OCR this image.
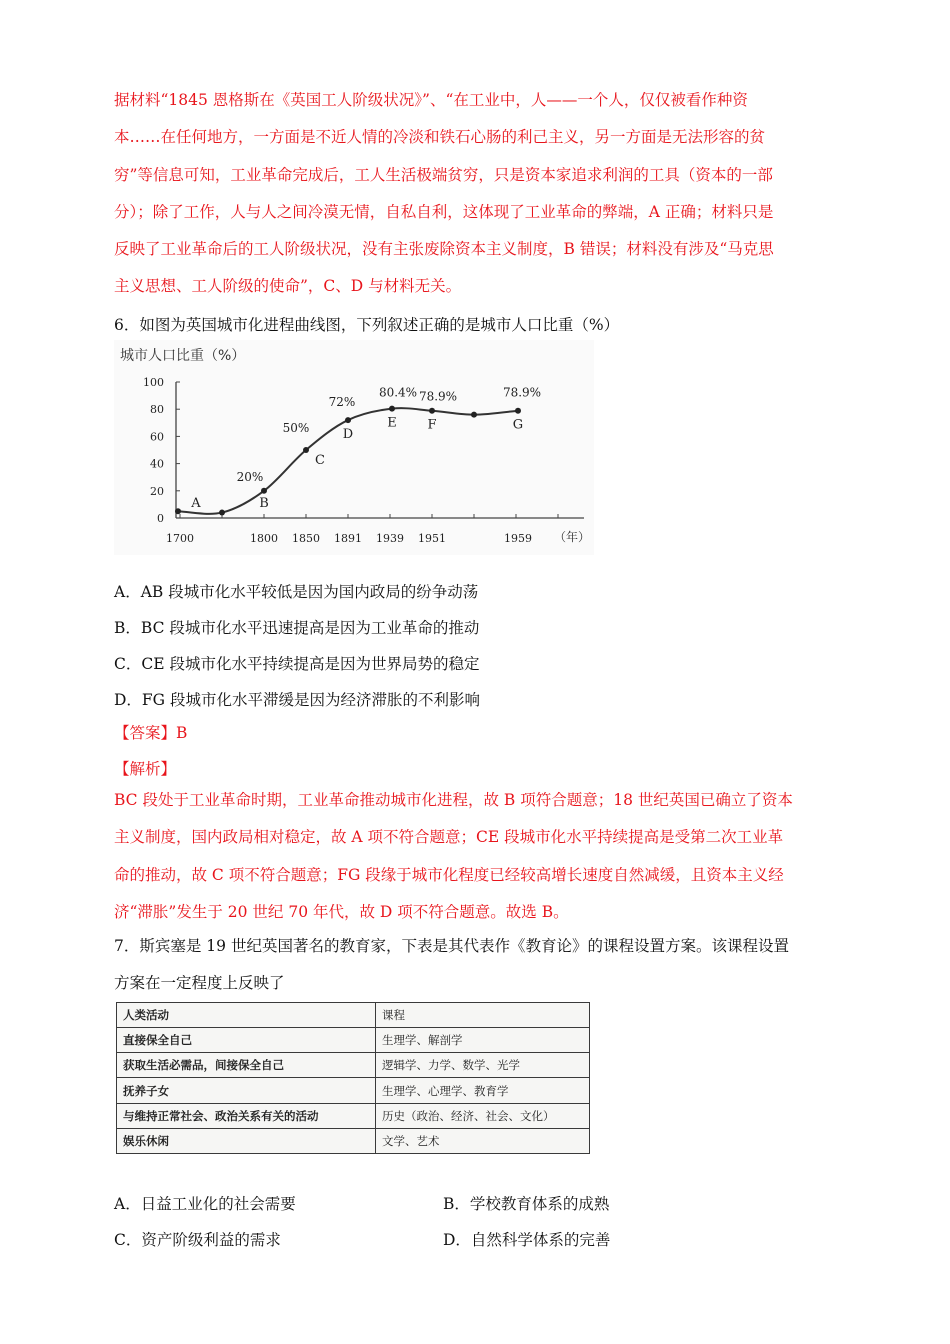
据材料“1845 恩格斯在《英国工人阶级状况》”、“在工业中，人——一个人，仅仅被看作种资

本……在任何地方，一方面是不近人情的冷淡和铁石心肠的利己主义，另一方面是无法形容的贫

穷”等信息可知，工业革命完成后，工人生活极端贫穷，只是资本家追求利润的工具（资本的一部

分）；除了工作，人与人之间冷漠无情，自私自利，这体现了工业革命的弊端，A 正确；材料只是

反映了工业革命后的工人阶级状况，没有主张废除资本主义制度，B 错误；材料没有涉及“马克思

主义思想、工人阶级的使命”，C、D 与材料无关。

6．如图为英国城市化进程曲线图，下列叙述正确的是城市人口比重（%）
城市人口比重（%）
100
80
60
40
20
0
1700	1800 1850 1891 1939 1951	1959
A	B
20%
C
50%	D
72%
E
80.4%
F
78.9%
G
78.9%
（年）
A．AB 段城市化水平较低是因为国内政局的纷争动荡
B．BC 段城市化水平迅速提高是因为工业革命的推动
C．CE 段城市化水平持续提高是因为世界局势的稳定
D．FG 段城市化水平滞缓是因为经济滞胀的不利影响
【答案】B
【解析】

BC 段处于工业革命时期，工业革命推动城市化进程，故 B 项符合题意；18 世纪英国已确立了资本

主义制度，国内政局相对稳定，故 A 项不符合题意；CE 段城市化水平持续提高是受第二次工业革

命的推动，故 C 项不符合题意；FG 段缘于城市化程度已经较高增长速度自然减缓，且资本主义经

济“滞胀”发生于 20 世纪 70 年代，故 D 项不符合题意。故选 B。

7．斯宾塞是 19 世纪英国著名的教育家，下表是其代表作《教育论》的课程设置方案。该课程设置

方案在一定程度上反映了

人类活动	课程
直接保全自己	生理学、解剖学
获取生活必需品，间接保全自己	逻辑学、力学、数学、光学
抚养子女	生理学、心理学、教育学
与维持正常社会、政治关系有关的活动	历史（政治、经济、社会、文化）
娱乐休闲	文学、艺术
A．日益工业化的社会需要	B．学校教育体系的成熟
C．资产阶级利益的需求	D．自然科学体系的完善
